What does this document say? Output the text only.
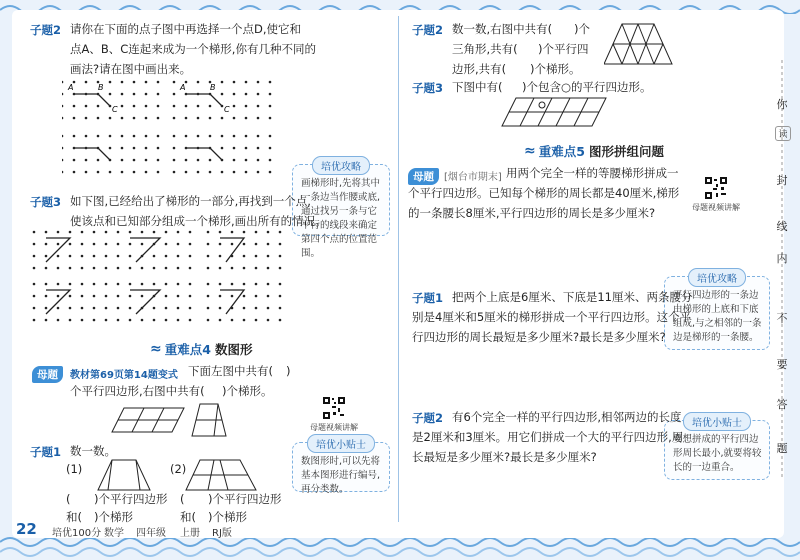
子题2 请你在下面的点子图中再选择一个点D,使它和
点A、B、C连起来成为一个梯形,你有几种不同的
画法?请在图中画出来。
A	B
C
A	B
C
培优攻略
画梯形时,先将其中一条边当作腰或底,通过找另一条与它平行的线段来确定第四个点的位置范围。
子题3 如下图,已经给出了梯形的一部分,再找到一个点,
使该点和已知部分组成一个梯形,画出所有的情况。
≈ 重难点4 数图形
母题	教材第69页第14题变式 下面左图中共有( )
个平行四边形,右图中共有( )个梯形。
母题视频讲解
培优小贴士
数图形时,可以先将基本图形进行编号,再分类数。
子题1 数一数。
(1)	(2)
( )个平行四边形
和( )个梯形
( )个平行四边形
和( )个梯形
22 培优100分 数学 四年级 上册 RJ版
子题2 数一数,右图中共有( )个
三角形,共有( )个平行四
边形,共有( )个梯形。
子题3 下图中有( )个包含○的平行四边形。
≈ 重难点5 图形拼组问题
母题	[烟台市期末] 用两个完全一样的等腰梯形拼成一
个平行四边形。已知每个梯形的周长都是40厘米,梯形
的一条腰长8厘米,平行四边形的周长是多少厘米?	母题视频讲解
培优攻略
平行四边形的一条边由梯形的上底和下底组成,与之相邻的一条边是梯形的一条腰。
子题1 把两个上底是6厘米、下底是11厘米、两条腰分
别是4厘米和5厘米的梯形拼成一个平行四边形。这个平
行四边形的周长最短是多少厘米?最长是多少厘米?
培优小贴士
要想拼成的平行四边形周长最小,就要将较长的一边重合。
子题2 有6个完全一样的平行四边形,相邻两边的长度
是2厘米和3厘米。用它们拼成一个大的平行四边形,周
长最短是多少厘米?最长是多少厘米?
你
读
封
线
内
不
要
答
题
